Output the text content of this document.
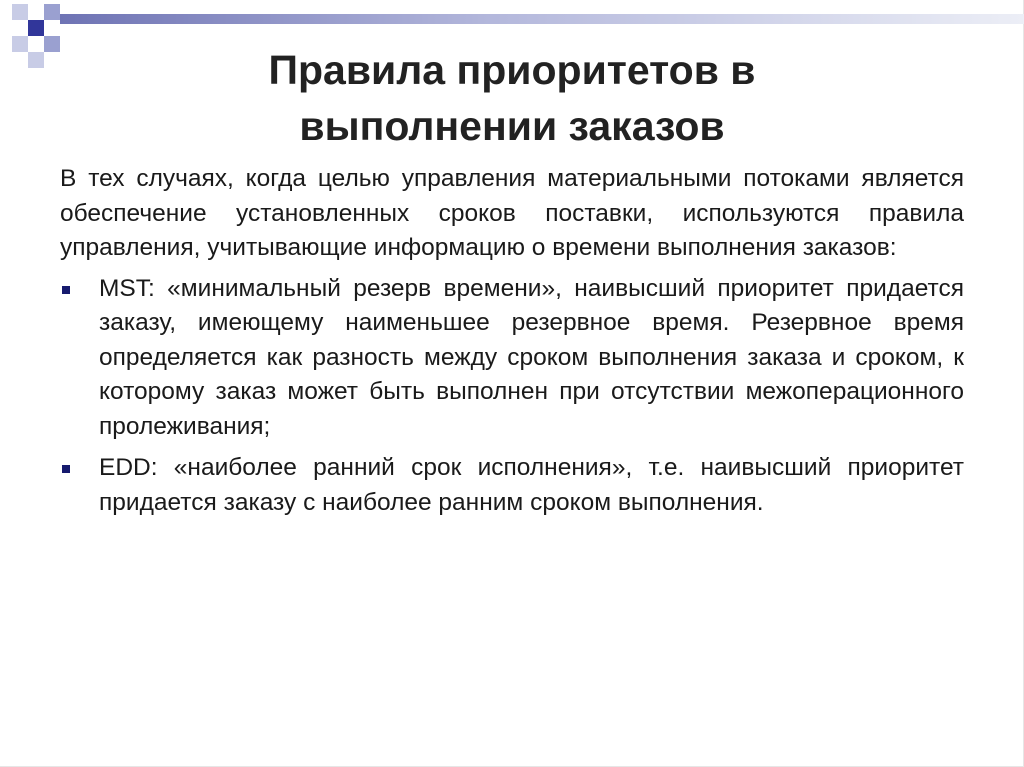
Правила приоритетов в
выполнении заказов

В тех случаях, когда целью управления материальными потоками является обеспечение установленных сроков поставки, используются правила управления, учитывающие информацию о времени выполнения заказов:

MST: «минимальный резерв времени», наивысший приоритет придается заказу, имеющему наименьшее резервное время. Резервное время определяется как разность между сроком выполнения заказа и сроком, к которому заказ может быть выполнен при отсутствии межоперационного пролеживания;
EDD: «наиболее ранний срок исполнения», т.е. наивысший приоритет придается заказу с наиболее ранним сроком выполнения.
